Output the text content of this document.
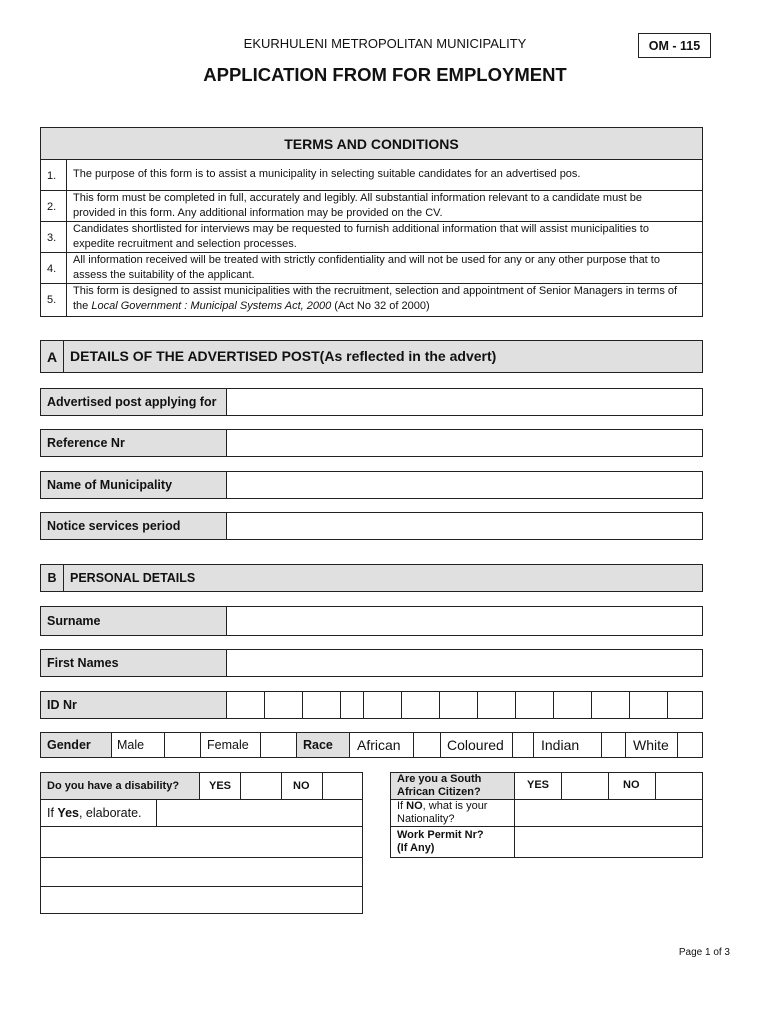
EKURHULENI METROPOLITAN MUNICIPALITY	OM - 115
APPLICATION FROM FOR EMPLOYMENT
TERMS AND CONDITIONS
1.	The purpose of this form is to assist a municipality in selecting suitable candidates for an advertised pos.
2.
This form must be completed in full, accurately and legibly. All substantial information relevant to a candidate must be
provided in this form. Any additional information may be provided on the CV.
3.
Candidates shortlisted for interviews may be requested to furnish additional information that will assist municipalities to
expedite recruitment and selection processes.
4.
All information received will be treated with strictly confidentiality and will not be used for any or any other purpose that to
assess the suitability of the applicant.
5.
This form is designed to assist municipalities with the recruitment, selection and appointment of Senior Managers in terms of
the Local Government : Municipal Systems Act, 2000 (Act No 32 of 2000)
A DETAILS OF THE ADVERTISED POST(As reflected in the advert)
Advertised post applying for
Reference Nr
Name of Municipality
Notice services period
B	PERSONAL DETAILS
Surname
First Names
ID Nr
Gender	Male	Female	Race	African	Coloured	Indian	White
Do you have a disability?	YES	NO
If Yes, elaborate.
Are you a South
African Citizen?
YES	NO
If NO, what is your
Nationality?
Work Permit Nr?
(If Any)
Page 1 of 3
